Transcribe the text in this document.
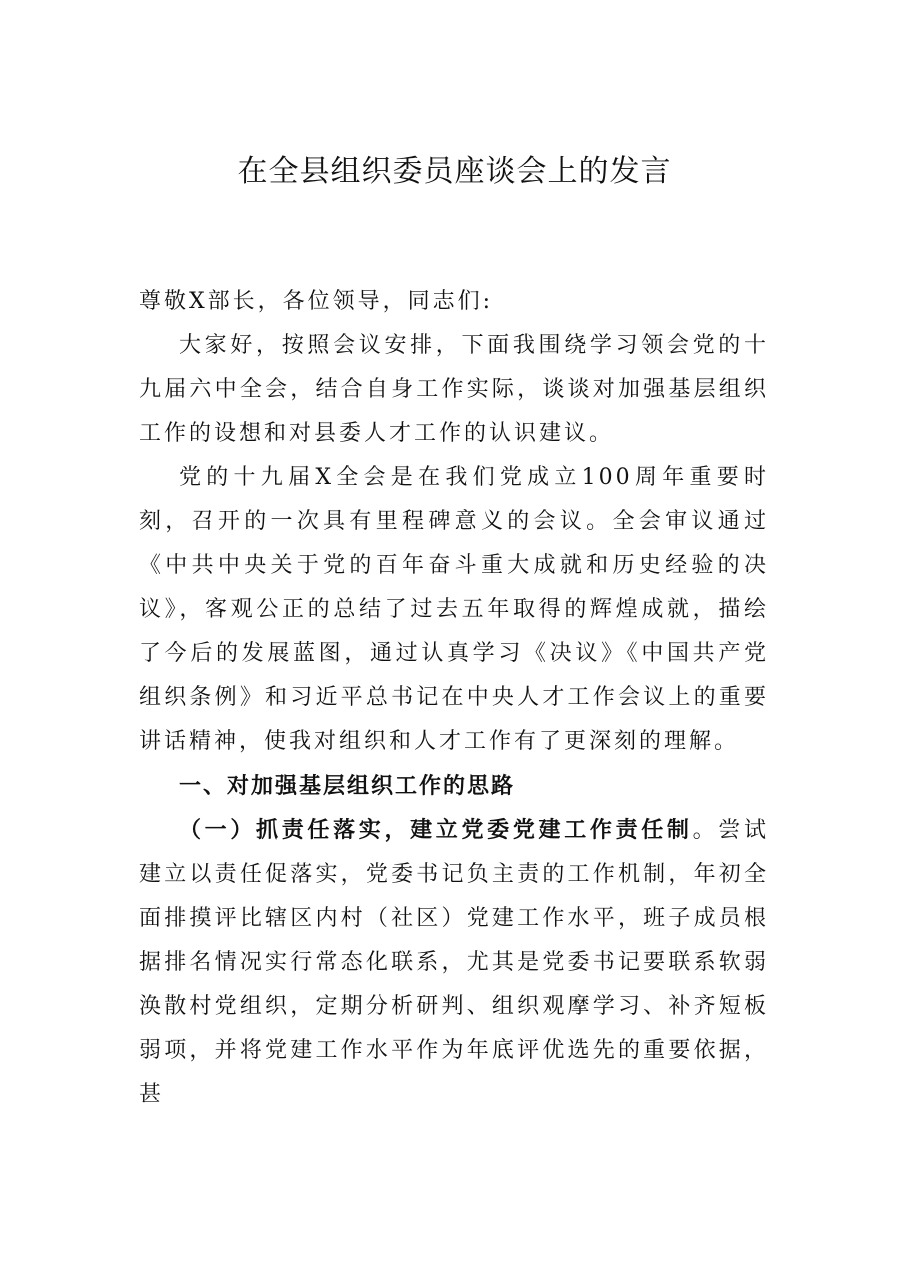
在全县组织委员座谈会上的发言

尊敬X部长，各位领导，同志们:

大家好，按照会议安排，下面我围绕学习领会党的十九届六中全会，结合自身工作实际，谈谈对加强基层组织工作的设想和对县委人才工作的认识建议。

党的十九届X全会是在我们党成立100周年重要时刻，召开的一次具有里程碑意义的会议。全会审议通过《中共中央关于党的百年奋斗重大成就和历史经验的决议》，客观公正的总结了过去五年取得的辉煌成就，描绘了今后的发展蓝图，通过认真学习《决议》《中国共产党组织条例》和习近平总书记在中央人才工作会议上的重要讲话精神，使我对组织和人才工作有了更深刻的理解。

一、对加强基层组织工作的思路

（一）抓责任落实，建立党委党建工作责任制。尝试建立以责任促落实，党委书记负主责的工作机制，年初全面排摸评比辖区内村（社区）党建工作水平，班子成员根据排名情况实行常态化联系，尤其是党委书记要联系软弱涣散村党组织，定期分析研判、组织观摩学习、补齐短板弱项，并将党建工作水平作为年底评优选先的重要依据，甚
